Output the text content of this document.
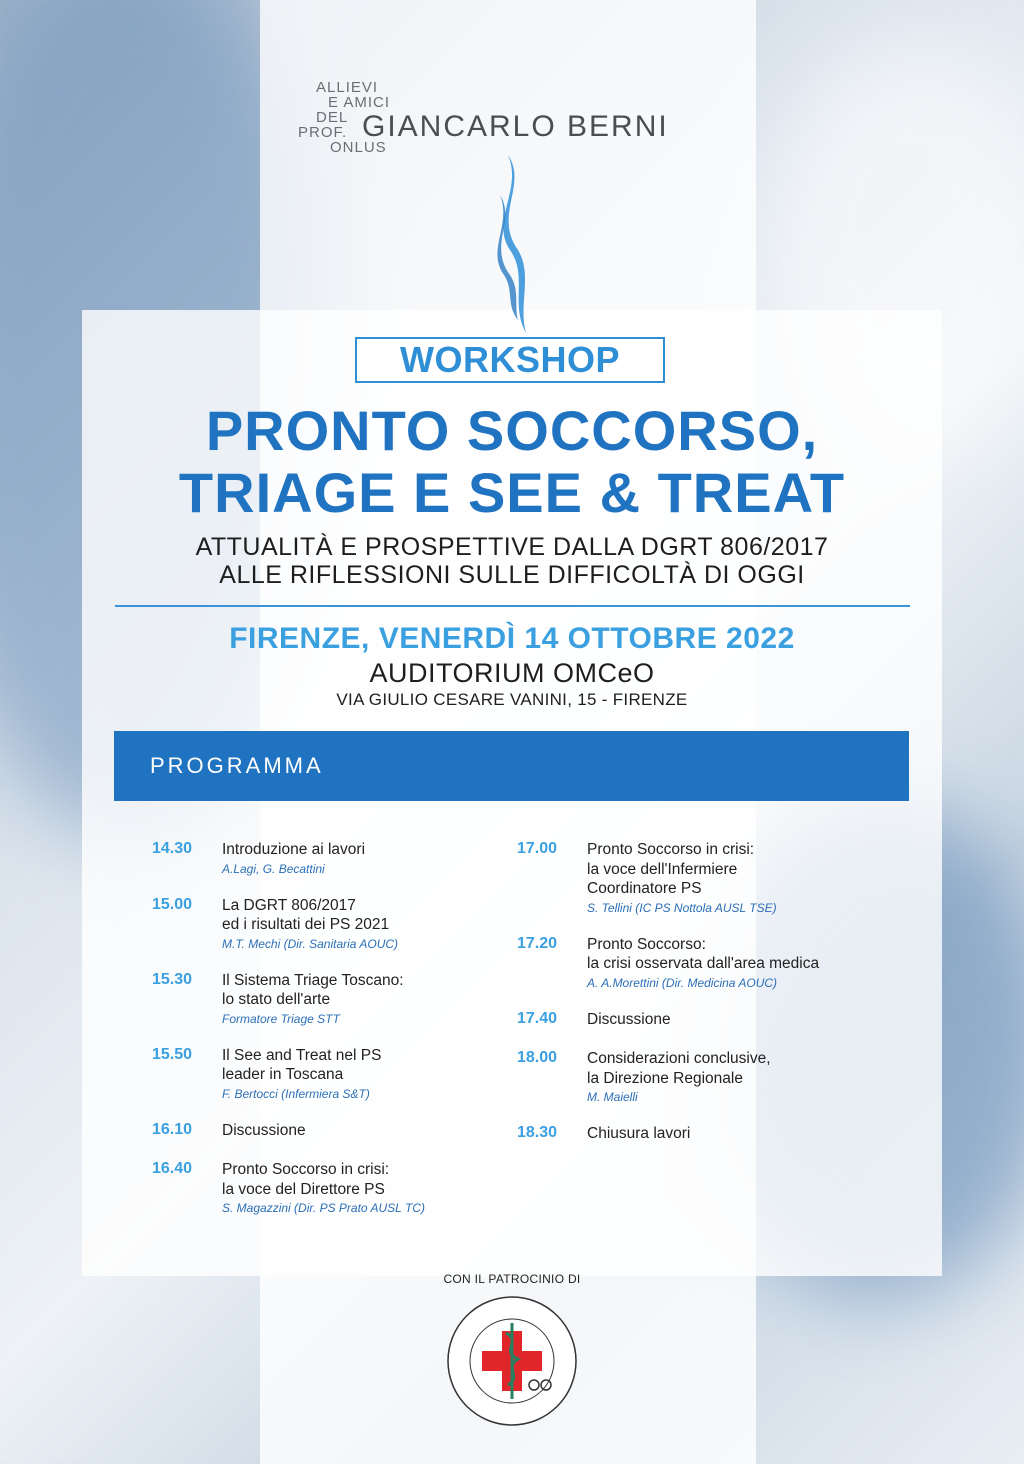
ALLIEVI
E AMICI
DEL
PROF.
ONLUS
GIANCARLO BERNI
WORKSHOP
PRONTO SOCCORSO,
TRIAGE E SEE & TREAT
ATTUALITÀ E PROSPETTIVE DALLA DGRT 806/2017
ALLE RIFLESSIONI SULLE DIFFICOLTÀ DI OGGI
FIRENZE, VENERDÌ 14 OTTOBRE 2022
AUDITORIUM OMCeO
VIA GIULIO CESARE VANINI, 15 - FIRENZE
PROGRAMMA
14.30 Introduzione ai lavori
A.Lagi, G. Becattini
15.00 La DGRT 806/2017
ed i risultati dei PS 2021
M.T. Mechi (Dir. Sanitaria AOUC)
15.30 Il Sistema Triage Toscano:
lo stato dell'arte
Formatore Triage STT
15.50 Il See and Treat nel PS
leader in Toscana
F. Bertocci (Infermiera S&T)
16.10 Discussione
16.40 Pronto Soccorso in crisi:
la voce del Direttore PS
S. Magazzini (Dir. PS Prato AUSL TC)
17.00 Pronto Soccorso in crisi:
la voce dell'Infermiere
Coordinatore PS
S. Tellini (IC PS Nottola AUSL TSE)
17.20 Pronto Soccorso:
la crisi osservata dall'area medica
A. A.Morettini (Dir. Medicina AOUC)
17.40 Discussione
18.00 Considerazioni conclusive,
la Direzione Regionale
M. Maielli
18.30 Chiusura lavori
CON IL PATROCINIO DI
